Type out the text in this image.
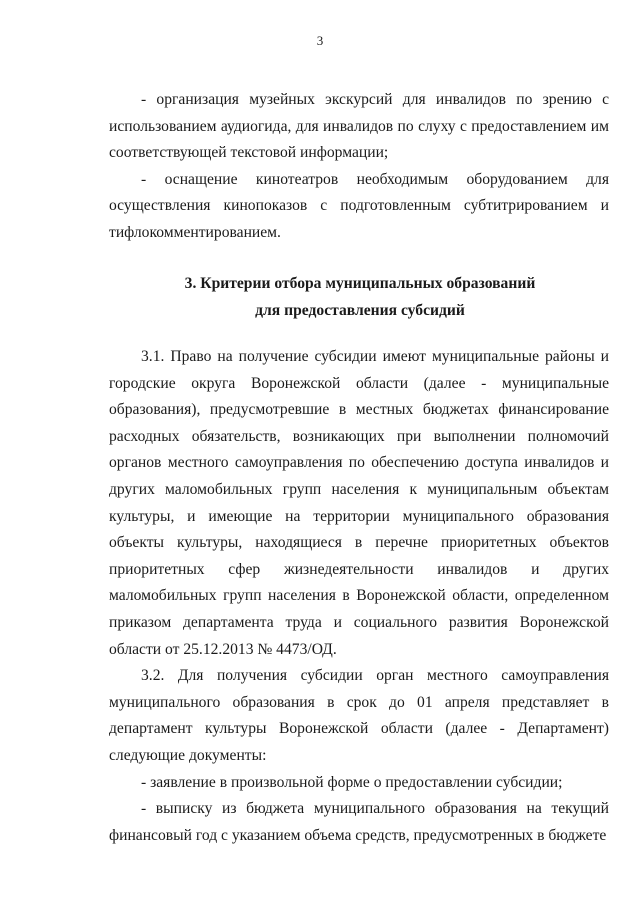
3

- организация музейных экскурсий для инвалидов по зрению с использованием аудиогида, для инвалидов по слуху с предоставлением им соответствующей текстовой информации;

- оснащение кинотеатров необходимым оборудованием для осуществления кинопоказов с подготовленным субтитрированием и тифлокомментированием.

3. Критерии отбора муниципальных образований
для предоставления субсидий

3.1. Право на получение субсидии имеют муниципальные районы и городские округа Воронежской области (далее - муниципальные образования), предусмотревшие в местных бюджетах финансирование расходных обязательств, возникающих при выполнении полномочий органов местного самоуправления по обеспечению доступа инвалидов и других маломобильных групп населения к муниципальным объектам культуры, и имеющие на территории муниципального образования объекты культуры, находящиеся в перечне приоритетных объектов приоритетных сфер жизнедеятельности инвалидов и других маломобильных групп населения в Воронежской области, определенном приказом департамента труда и социального развития Воронежской области от 25.12.2013 № 4473/ОД.

3.2. Для получения субсидии орган местного самоуправления муниципального образования в срок до 01 апреля представляет в департамент культуры Воронежской области (далее - Департамент) следующие документы:

- заявление в произвольной форме о предоставлении субсидии;

- выписку из бюджета муниципального образования на текущий финансовый год с указанием объема средств, предусмотренных в бюджете
